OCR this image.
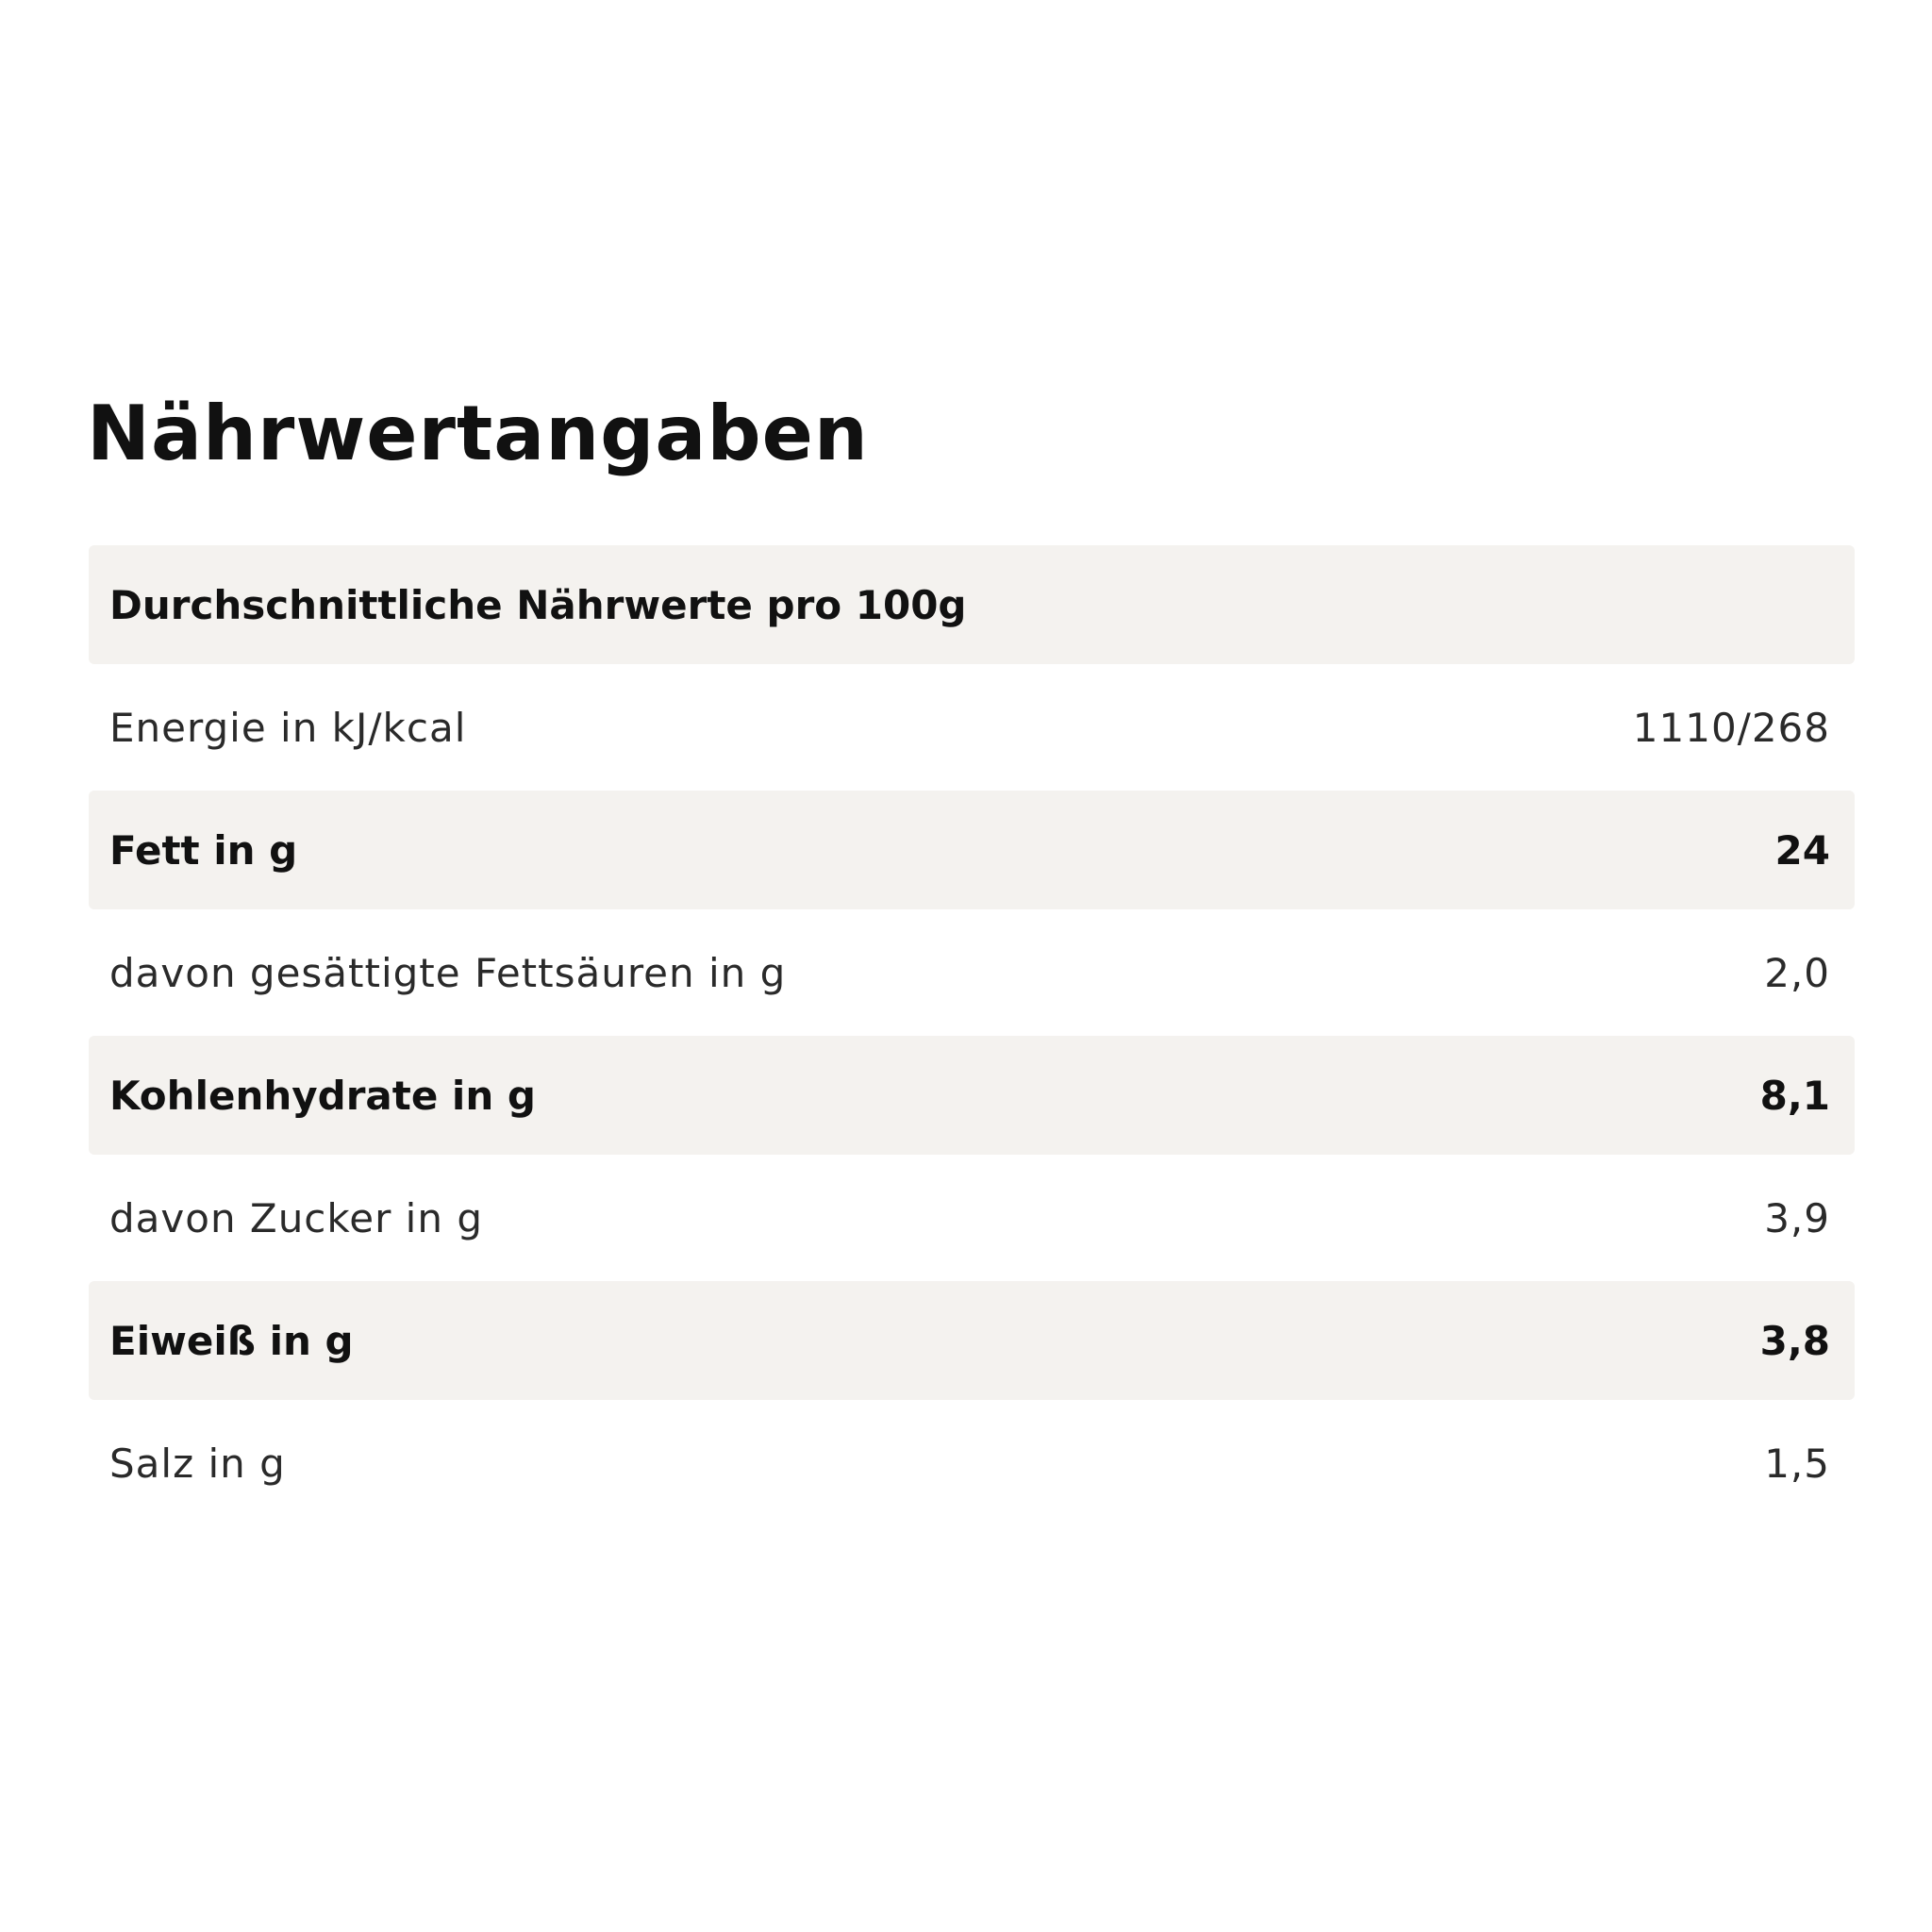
Nährwertangaben
Durchschnittliche Nährwerte pro 100g
Energie in kJ/kcal	1110/268
Fett in g	24
davon gesättigte Fettsäuren in g	2,0
Kohlenhydrate in g	8,1
davon Zucker in g	3,9
Eiweiß in g	3,8
Salz in g	1,5
